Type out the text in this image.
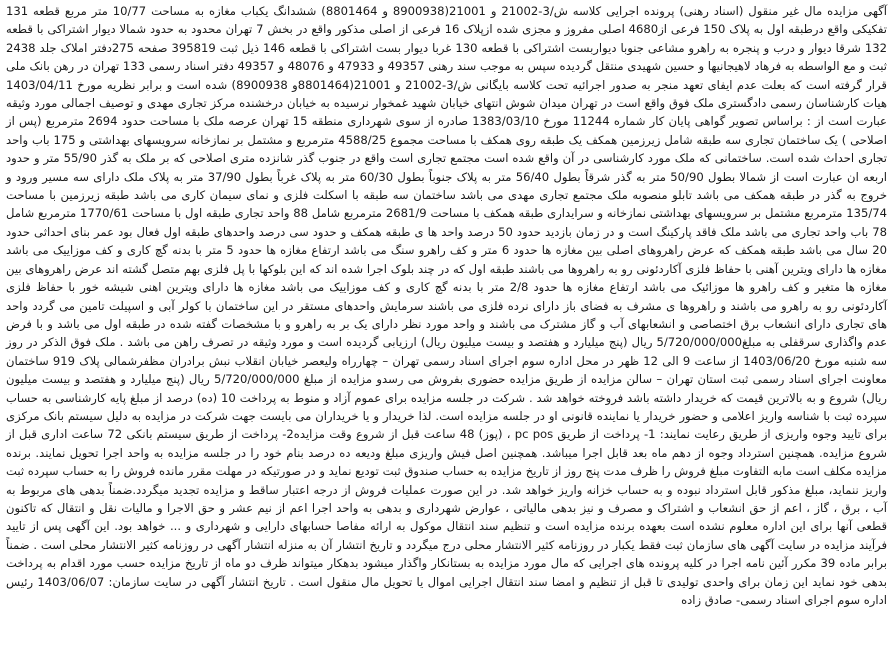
آگهی مزایده مال غیر منقول (اسناد رهنی) پرونده اجرایی کلاسه ش/3-21002 و 21001(8900938 و 8801464) ششدانگ یکباب مغازه به مساحت 10/77 متر مربع قطعه 131 تفکیکی واقع درطبقه اول به پلاک 150 فرعی از4680 اصلی مفروز و مجزی شده ازپلاک 16 فرعی از اصلی مذکور واقع در بخش 7 تهران محدود به حدود شمالا دیوار اشتراکی با قطعه 132 شرقا دیوار و درب و پنجره به راهرو مشاعی جنوبا دیواربست اشتراکی با قطعه 130 غربا دیوار بست اشتراکی با قطعه 146 ذیل ثبت 395819 صفحه 275دفتر املاک جلد 2438 ثبت و مع الواسطه به فرهاد لاهیجانیها و حسین شهیدی منتقل گردیده سپس به موجب سند رهنی 49357 و 47933 و 48076 و 49357 دفتر اسناد رسمی 133 تهران در رهن بانک ملی قرار گرفته است که بعلت عدم ایفای تعهد منجر به صدور اجرائیه تحت کلاسه بایگانی ش/3-21002 و 21001(8801464و 8900938) شده است و برابر نظریه مورخ 1403/04/11 هیات کارشناسان رسمی دادگستری ملک فوق واقع است در تهران میدان شوش انتهای خیابان شهید غمخوار نرسیده به خیابان درخشنده مرکز تجاری مهدی و توصیف اجمالی مورد وثیقه عبارت است از : براساس تصویر گواهی پایان کار شماره 11244 مورخ 1383/03/10 صادره از سوی شهرداری منطقه 15 تهران عرصه ملک با مساحت حدود 2694 مترمربع (پس از اصلاحی ) یک ساختمان تجاری سه طبقه شامل زیرزمین همکف یک طبقه روی همکف با مساحت مجموع 4588/25 مترمربع و مشتمل بر نمازخانه سرویسهای بهداشتی و 175 باب واحد تجاری احداث شده است. ساختمانی که ملک مورد کارشناسی در آن واقع شده است مجتمع تجاری است واقع در جنوب گذر شانزده متری اصلاحی که بر ملک به گذر 55/90 متر و حدود اربعه ان عبارت است از شمالا بطول 50/90 متر به گذر شرقاً بطول 56/40 متر به پلاک جنوباً بطول 60/30 متر به پلاک غرباً بطول 37/90 متر به پلاک ملک دارای سه مسیر ورود و خروج به گذر در طبقه همکف می باشد تابلو منصوبه ملک مجتمع تجاری مهدی می باشد ساختمان سه طبقه با اسکلت فلزی و نمای سیمان کاری می باشد طبقه زیرزمین با مساحت 135/74 مترمربع مشتمل بر سرویسهای بهداشتی نمازخانه و سرایداری طبقه همکف با مساحت 2681/9 مترمربع شامل 88 واحد تجاری طبقه اول با مساحت 1770/61 مترمربع شامل 78 باب واحد تجاری می باشد ملک فاقد پارکینگ است و در زمان بازدید حدود 50 درصد واحد ها ی طبقه همکف و حدود سی درصد واحدهای طبقه اول فعال بود عمر بنای احداثی حدود 20 سال می باشد طبقه همکف که عرض راهروهای اصلی بین مغازه ها حدود 6 متر و کف راهرو سنگ می باشد ارتفاع مغازه ها حدود 5 متر با بدنه گچ کاری و کف موزاییک می باشد مغازه ها دارای ویترین آهنی با حفاظ فلزی آکاردئونی رو به راهروها می باشند طبقه اول که در چند بلوک اجرا شده اند که این بلوکها با پل فلزی بهم متصل گشته اند عرض راهروهای بین مغازه ها متغیر و کف راهرو ها موزائیک می باشد ارتفاع مغازه ها حدود 2/8 متر با بدنه گچ کاری و کف موزاییک می باشد مغازه ها دارای ویترین اهنی شیشه خور با حفاظ فلزی آکاردئونی رو به راهرو می باشند و راهروها ی مشرف به فضای باز دارای نرده فلزی می باشند سرمایش واحدهای مستقر در این ساختمان با کولر آبی و اسپیلت تامین می گردد واحد های تجاری دارای انشعاب برق اختصاصی و انشعابهای آب و گاز مشترک می باشند و واحد مورد نظر دارای یک بر به راهرو و با مشخصات گفته شده در طبقه اول می باشد و با فرض عدم واگذاری سرقفلی به مبلغ5/720/000/000 ریال (پنج میلیارد و هفتصد و بیست میلیون ریال) ارزیابی گردیده است و مورد وثیقه در تصرف راهن می باشد . ملک فوق الذکر در روز سه شنبه مورخ 1403/06/20 از ساعت 9 الی 12 ظهر در محل اداره سوم اجرای اسناد رسمی تهران – چهارراه ولیعصر خیابان انقلاب نبش برادران مظفرشمالی پلاک 919 ساختمان معاونت اجرای اسناد رسمی ثبت استان تهران – سالن مزایده از طریق مزایده حضوری بفروش می رسدو مزایده از مبلغ 5/720/000/000 ریال (پنج میلیارد و هفتصد و بیست میلیون ریال) شروع و به بالاترین قیمت که خریدار داشته باشد فروخته خواهد شد . شرکت در جلسه مزایده برای عموم آزاد و منوط به پرداخت 10 (ده) درصد از مبلغ پایه کارشناسی به حساب سپرده ثبت با شناسه واریز اعلامی و حضور خریدار یا نماینده قانونی او در جلسه مزایده است. لذا خریدار و یا خریداران می بایست جهت شرکت در مزایده به دلیل سیستم بانک مرکزی برای تایید وجوه واریزی از طریق رعایت نمایند: 1- پرداخت از طریق pc pos ، (پوز) 48 ساعت قبل از شروع وقت مزایده2- پرداخت از طریق سیستم بانکی 72 ساعت اداری قبل از شروع مزایده. همچنین استرداد وجوه از دهم ماه بعد قابل اجرا میباشد. همچنین اصل فیش واریزی مبلغ ودیعه ده درصد بنام خود را در جلسه مزایده به واحد اجرا تحویل نمایند. برنده مزایده مکلف است مابه التفاوت مبلغ فروش را ظرف مدت پنج روز از تاریخ مزایده به حساب صندوق ثبت تودیع نماید و در صورتیکه در مهلت مقرر مانده فروش را به حساب سپرده ثبت واریز ننماید، مبلغ مذکور قابل استرداد نبوده و به حساب خزانه واریز خواهد شد. در این صورت عملیات فروش از درجه اعتبار ساقط و مزایده تجدید میگردد.ضمناً بدهی های مربوط به آب ، برق ، گاز ، اعم از حق انشعاب و اشتراک و مصرف و نیز بدهی مالیاتی ، عوارض شهرداری و بدهی به واحد اجرا اعم از نیم عشر و حق الاجرا و مالیات نقل و انتقال که تاکنون قطعی آنها برای این اداره معلوم نشده است بعهده برنده مزایده است و تنظیم سند انتقال موکول به ارائه مفاصا حسابهای دارایی و شهرداری و ... خواهد بود. این آگهی پس از تایید فرآیند مزایده در سایت آگهی های سازمان ثبت فقط یکبار در روزنامه کثیر الانتشار محلی درج میگردد و تاریخ انتشار آن به منزله انتشار آگهی در روزنامه کثیر الانتشار محلی است . ضمناً برابر ماده 39 مکرر آئین نامه اجرا در کلیه پرونده های اجرایی که مال مورد مزایده به بستانکار واگذار میشود بدهکار میتواند ظرف دو ماه از تاریخ مزایده حسب مورد اقدام به پرداخت بدهی خود نماید این زمان برای واحدی تولیدی تا قبل از تنظیم و امضا سند انتقال اجرایی اموال یا تحویل مال منقول است . تاریخ انتشار آگهی در سایت سازمان: 1403/06/07 رئیس اداره سوم اجرای اسناد رسمی- صادق زاده
